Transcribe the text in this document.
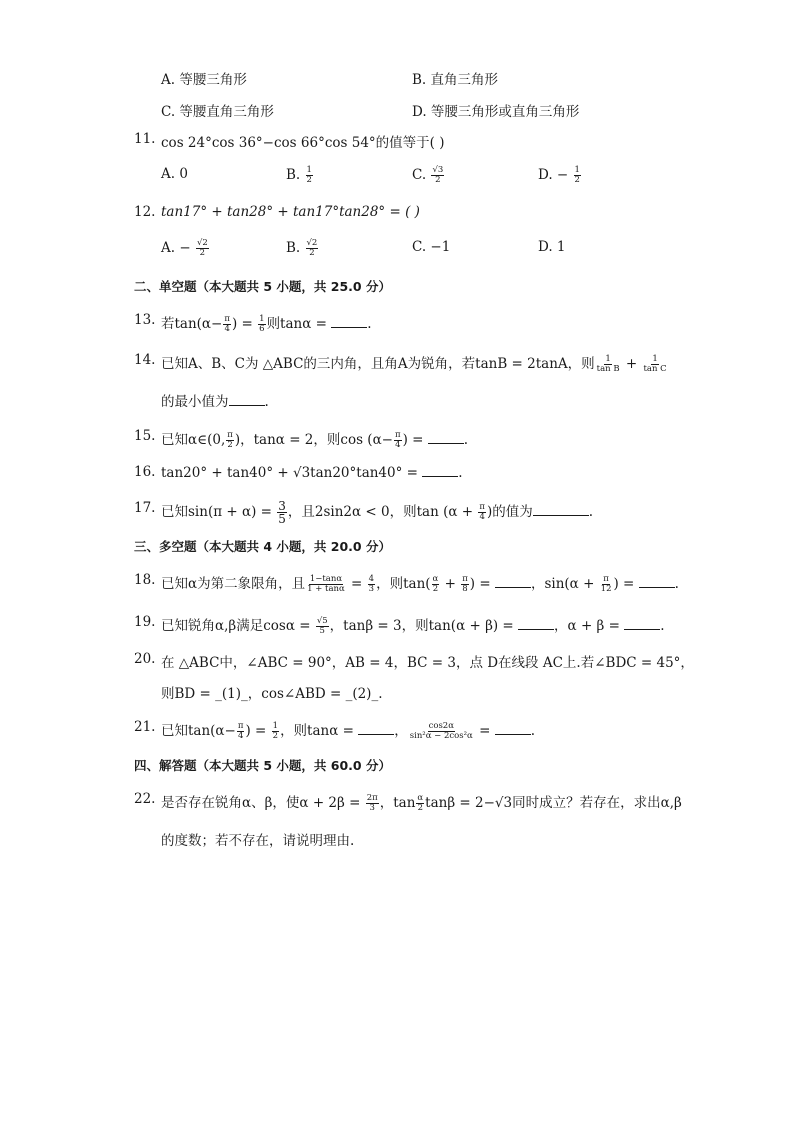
A. 等腰三角形	B. 直角三角形
C. 等腰直角三角形	D. 等腰三角形或直角三角形
11. cos 24°cos 36°−cos 66°cos 54°的值等于( )
A. 0	B. $\frac{1}{2}$	C. $\frac{√3}{2}$	D. − $\frac{1}{2}$
12. tan17° + tan28° + tan17°tan28° = ( )
A. − $\frac{√2}{2}$	B. $\frac{√2}{2}$	C. −1	D. 1
二、单空题（本大题共 5 小题，共 25.0 分）
13. 若$\tan(\alpha- \frac{\pi}{4}$ ) = $\frac{1}{6}$ 则tanα =	.
14. 已知A、B、C为 △ABC的三内角，且角A为锐角，若tanB = 2tanA，则 $\frac{1}{\text{tan B}} + \frac{1}{\text{tan C}}$
的最小值为	.
15. 已知α∈(0, $\frac{\pi}{2}$ )，tanα = 2，则$\cos (\alpha- \frac{\pi}{4}$ ) =	.
16. tan20° + tan40° + √3tan20°tan40° =	.
17. 已知$\sin(\pi + \alpha) = \frac{3}{5}$ ，且2sin2α < 0，则$\tan (\alpha + \frac{\pi}{4}$ )的值为	.
三、多空题（本大题共 4 小题，共 20.0 分）
18. 已知α为第二象限角，且 $\frac{1-\tan\alpha}{1 + \tan\alpha} = \frac{4}{3}$ ，则$\tan( \frac{\alpha}{2} + \frac{\pi}{8}$ ) =	，$\sin(\alpha + \frac{\pi}{12}$ ) =	.
19. 已知锐角α,β满足$\cos\alpha = \frac{√5}{5}$ ，tanβ = 3，则tan(α + β) =	，α + β =	.
20. 在 △ABC中，∠ABC = 90°，AB = 4，BC = 3，点 D在线段 AC上.若∠BDC = 45°，
则BD = _(1)_，cos∠ABD = _(2)_.
21. 已知$\tan(\alpha- \frac{\pi}{4}$ ) = $\frac{1}{2}$ ，则tanα =	， $\frac{\cos 2\alpha}{\text{sin²α − 2cos²α}}$ =	.
四、解答题（本大题共 5 小题，共 60.0 分）
22. 是否存在锐角α、β，使$\alpha + 2\beta = \frac{2\pi}{3}$ ，$\tan \frac{\alpha}{2}$ tanβ = 2−√3同时成立？若存在，求出α,β
的度数；若不存在，请说明理由.
